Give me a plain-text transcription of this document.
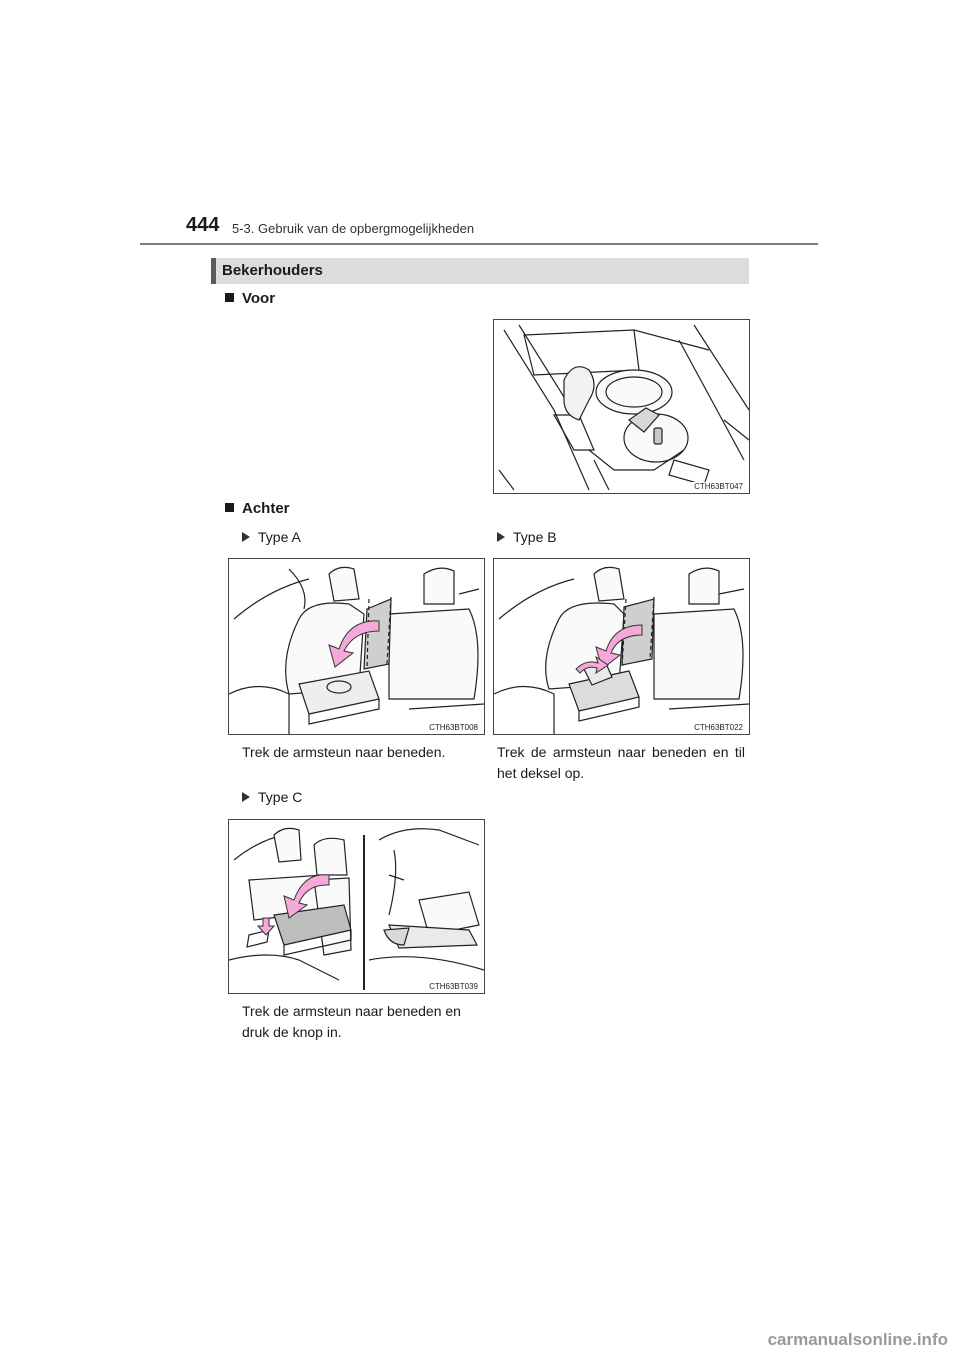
444 5-3. Gebruik van de opbergmogelijkheden
Bekerhouders
Voor
CTH63BT047
Achter
Type A	Type B
CTH63BT008	CTH63BT022
Trek de armsteun naar beneden.	Trek de armsteun naar beneden en til het deksel op.
Type C
CTH63BT039
Trek de armsteun naar beneden en druk de knop in.
carmanualsonline.info
